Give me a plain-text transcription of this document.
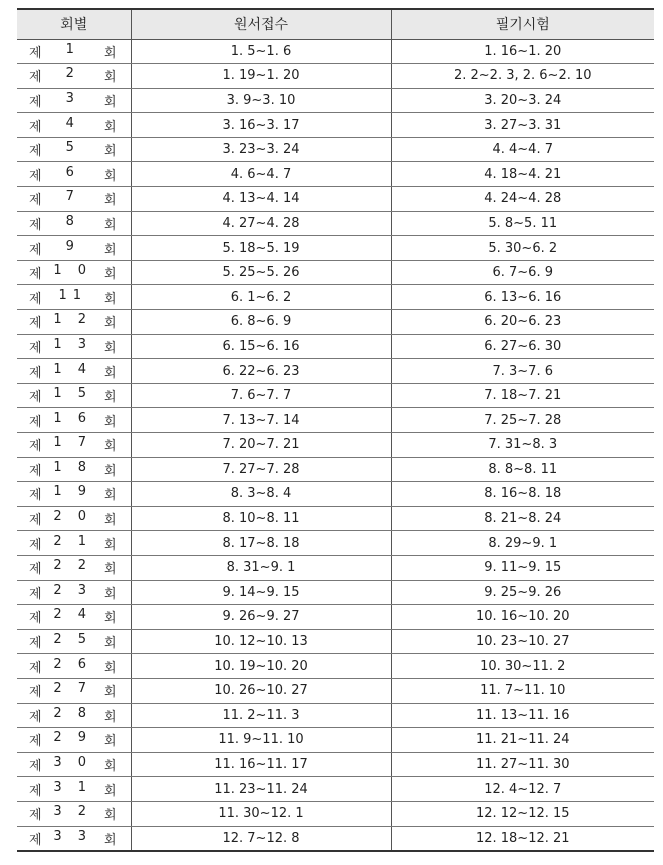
회별	원서접수	필기시험

제 1 회	1. 5~1. 6	1. 16~1. 20

제 2 회	1. 19~1. 20	2. 2~2. 3, 2. 6~2. 10

제 3 회	3. 9~3. 10	3. 20~3. 24

제 4 회	3. 16~3. 17	3. 27~3. 31

제 5 회	3. 23~3. 24	4. 4~4. 7

제 6 회	4. 6~4. 7	4. 18~4. 21

제 7 회	4. 13~4. 14	4. 24~4. 28

제 8 회	4. 27~4. 28	5. 8~5. 11

제 9 회	5. 18~5. 19	5. 30~6. 2

제 1 0 회	5. 25~5. 26	6. 7~6. 9

제 11 회	6. 1~6. 2	6. 13~6. 16

제 1 2 회	6. 8~6. 9	6. 20~6. 23

제 1 3 회	6. 15~6. 16	6. 27~6. 30

제 1 4 회	6. 22~6. 23	7. 3~7. 6

제 1 5 회	7. 6~7. 7	7. 18~7. 21

제 1 6 회	7. 13~7. 14	7. 25~7. 28

제 1 7 회	7. 20~7. 21	7. 31~8. 3

제 1 8 회	7. 27~7. 28	8. 8~8. 11

제 1 9 회	8. 3~8. 4	8. 16~8. 18

제 2 0 회	8. 10~8. 11	8. 21~8. 24

제 2 1 회	8. 17~8. 18	8. 29~9. 1

제 2 2 회	8. 31~9. 1	9. 11~9. 15

제 2 3 회	9. 14~9. 15	9. 25~9. 26

제 2 4 회	9. 26~9. 27	10. 16~10. 20

제 2 5 회	10. 12~10. 13	10. 23~10. 27

제 2 6 회	10. 19~10. 20	10. 30~11. 2

제 2 7 회	10. 26~10. 27	11. 7~11. 10

제 2 8 회	11. 2~11. 3	11. 13~11. 16

제 2 9 회	11. 9~11. 10	11. 21~11. 24

제 3 0 회	11. 16~11. 17	11. 27~11. 30

제 3 1 회	11. 23~11. 24	12. 4~12. 7

제 3 2 회	11. 30~12. 1	12. 12~12. 15

제 3 3 회	12. 7~12. 8	12. 18~12. 21
